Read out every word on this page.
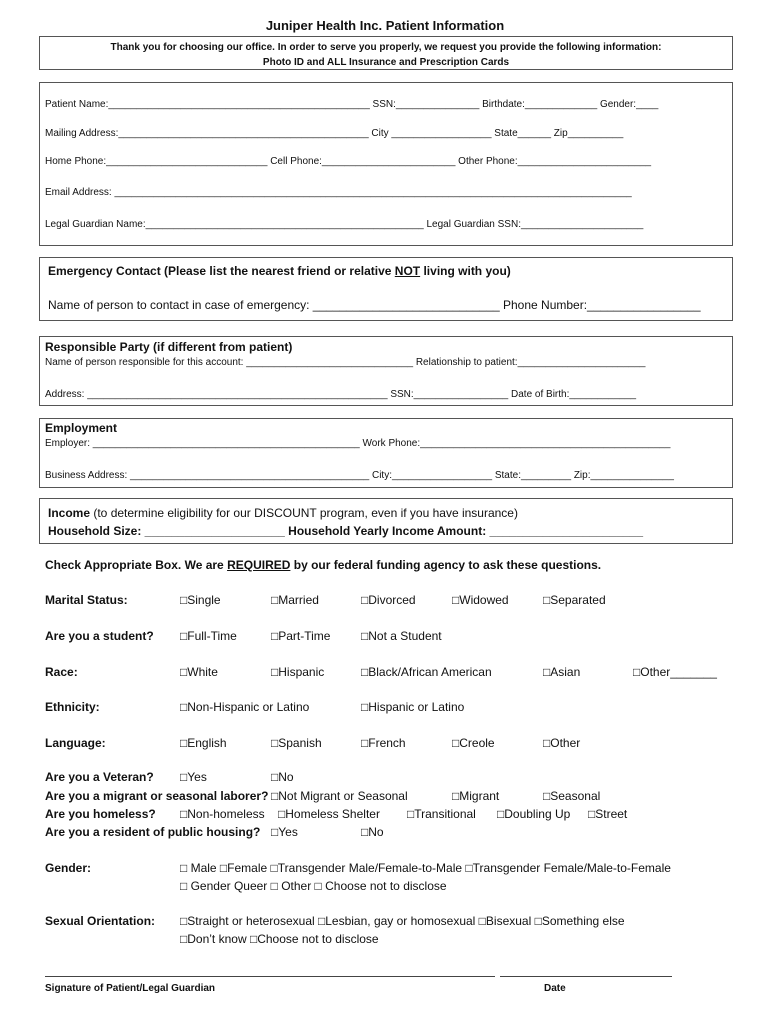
Juniper Health Inc. Patient Information
Thank you for choosing our office. In order to serve you properly, we request you provide the following information:
Photo ID and ALL Insurance and Prescription Cards
Patient Name:_______________________________________________ SSN:_______________ Birthdate:_____________ Gender:____
Mailing Address:_____________________________________________ City __________________ State______ Zip__________
Home Phone:_____________________________ Cell Phone:________________________ Other Phone:________________________
Email Address: _____________________________________________________________________________________________
Legal Guardian Name:__________________________________________________ Legal Guardian SSN:______________________
Emergency Contact (Please list the nearest friend or relative NOT living with you)
Name of person to contact in case of emergency: ____________________________ Phone Number:_________________
Responsible Party (if different from patient)
Name of person responsible for this account: ______________________________ Relationship to patient:_______________________
Address: ______________________________________________________ SSN:_________________ Date of Birth:____________
Employment
Employer: ________________________________________________ Work Phone:_____________________________________________
Business Address: ___________________________________________ City:__________________ State:_________ Zip:_______________
Income (to determine eligibility for our DISCOUNT program, even if you have insurance)
Household Size: _____________________ Household Yearly Income Amount: _______________________
Check Appropriate Box. We are REQUIRED by our federal funding agency to ask these questions.
Marital Status:	□Single	□Married	□Divorced	□Widowed	□Separated
Are you a student? □Full-Time	□Part-Time	□Not a Student
Race:	□White	□Hispanic	□Black/African American	□Asian	□Other_______
Ethnicity:	□Non-Hispanic or Latino	□Hispanic or Latino
Language:	□English	□Spanish	□French	□Creole	□Other
Are you a Veteran? □Yes	□No
Are you a migrant or seasonal laborer? □Not Migrant or Seasonal	□Migrant	□Seasonal
Are you homeless? □Non-homeless □Homeless Shelter □Transitional □Doubling Up □Street
Are you a resident of public housing? □Yes	□No
Gender:	□ Male □Female □Transgender Male/Female-to-Male □Transgender Female/Male-to-Female
□ Gender Queer □ Other □ Choose not to disclose
Sexual Orientation: □Straight or heterosexual □Lesbian, gay or homosexual □Bisexual □Something else
□Don’t know □Choose not to disclose
Signature of Patient/Legal Guardian	Date
